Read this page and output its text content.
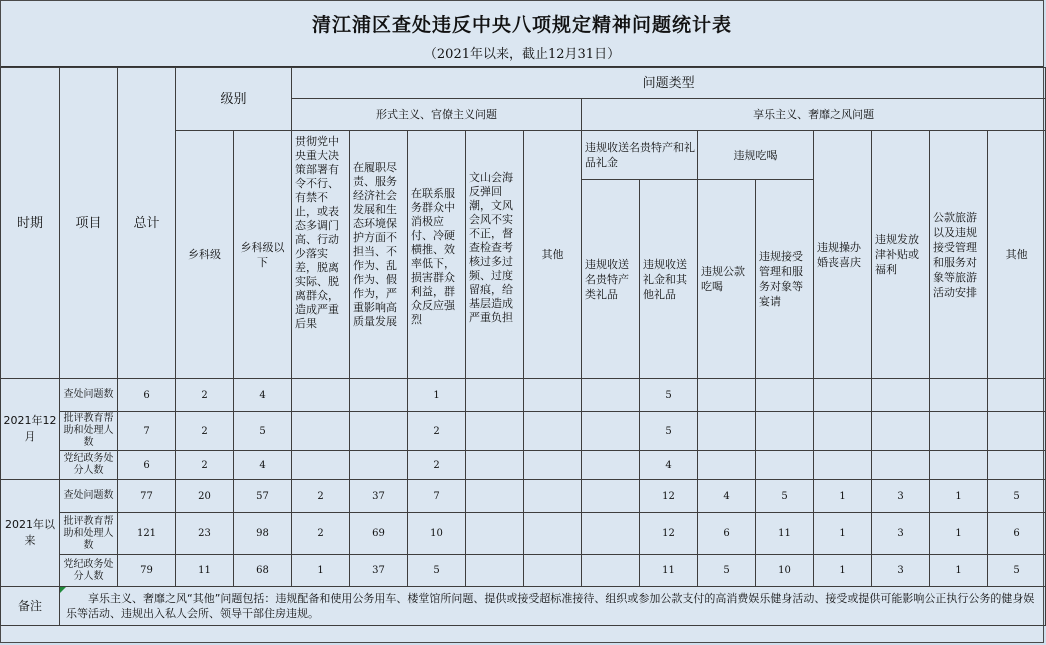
清江浦区查处违反中央八项规定精神问题统计表
（2021年以来，截止12月31日）
时期	项目	总计	级别		问题类型												
					形式主义、官僚主义问题					享乐主义、奢靡之风问题							
			乡科级	乡科级以下	贯彻党中央重大决策部署有令不行、有禁不止，或表态多调门高、行动少落实差，脱离实际、脱离群众，造成严重后果	在履职尽责、服务经济社会发展和生态环境保护方面不担当、不作为、乱作为、假作为，严重影响高质量发展	在联系服务群众中消极应付、冷硬横推、效率低下，损害群众利益，群众反应强烈	文山会海反弹回潮，文风会风不实不正，督查检查考核过多过频、过度留痕，给基层造成严重负担	其他	违规收送名贵特产和礼品礼金		违规吃喝		违规操办婚丧喜庆	违规发放津补贴或福利	公款旅游以及违规接受管理和服务对象等旅游活动安排	其他
										违规收送名贵特产类礼品	违规收送礼金和其他礼品	违规公款吃喝	违规接受管理和服务对象等宴请				
2021年12月	查处问题数	6	2	4			1				5						
	批评教育帮助和处理人数	7	2	5			2				5						
	党纪政务处分人数	6	2	4			2				4						
2021年以来	查处问题数	77	20	57	2	37	7				12	4	5	1	3	1	5
	批评教育帮助和处理人数	121	23	98	2	69	10				12	6	11	1	3	1	6
	党纪政务处分人数	79	11	68	1	37	5				11	5	10	1	3	1	5
备注	享乐主义、奢靡之风“其他”问题包括：违规配备和使用公务用车、楼堂馆所问题、提供或接受超标准接待、组织或参加公款支付的高消费娱乐健身活动、接受或提供可能影响公正执行公务的健身娱乐等活动、违规出入私人会所、领导干部住房违规。																
